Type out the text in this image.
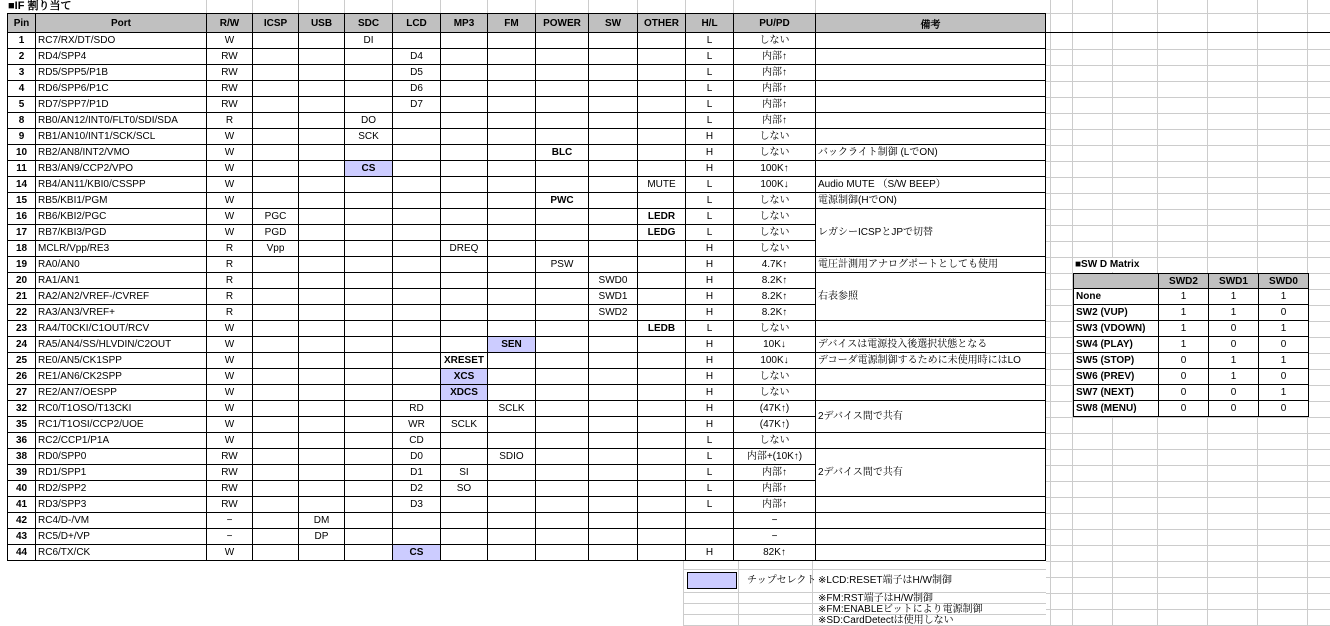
■IF 割り当て
Pin	Port	R/W	ICSP	USB	SDC	LCD	MP3	FM	POWER	SW	OTHER	H/L	PU/PD	備考
1	RC7/RX/DT/SDO	W			DI							L	しない	
2	RD4/SPP4	RW				D4						L	内部↑	
3	RD5/SPP5/P1B	RW				D5						L	内部↑	
4	RD6/SPP6/P1C	RW				D6						L	内部↑	
5	RD7/SPP7/P1D	RW				D7						L	内部↑	
8	RB0/AN12/INT0/FLT0/SDI/SDA	R			DO							L	内部↑	
9	RB1/AN10/INT1/SCK/SCL	W			SCK							H	しない	
10	RB2/AN8/INT2/VMO	W							BLC			H	しない	バックライト制御 (LでON)
11	RB3/AN9/CCP2/VPO	W			CS							H	100K↑	
14	RB4/AN11/KBI0/CSSPP	W									MUTE	L	100K↓	Audio MUTE （S/W BEEP）
15	RB5/KBI1/PGM	W							PWC			L	しない	電源制御(HでON)
16	RB6/KBI2/PGC	W	PGC								LEDR	L	しない	レガシーICSPとJPで切替
17	RB7/KBI3/PGD	W	PGD								LEDG	L	しない	
18	MCLR/Vpp/RE3	R	Vpp				DREQ					H	しない	
19	RA0/AN0	R							PSW			H	4.7K↑	電圧計測用アナログポートとしても使用
20	RA1/AN1	R								SWD0		H	8.2K↑	右表参照
21	RA2/AN2/VREF-/CVREF	R								SWD1		H	8.2K↑	
22	RA3/AN3/VREF+	R								SWD2		H	8.2K↑	
23	RA4/T0CKI/C1OUT/RCV	W									LEDB	L	しない	
24	RA5/AN4/SS/HLVDIN/C2OUT	W						SEN				H	10K↓	デバイスは電源投入後選択状態となる
25	RE0/AN5/CK1SPP	W					XRESET					H	100K↓	デコーダ電源制御するために未使用時にはLO
26	RE1/AN6/CK2SPP	W					XCS					H	しない	
27	RE2/AN7/OESPP	W					XDCS					H	しない	
32	RC0/T1OSO/T13CKI	W				RD		SCLK				H	(47K↑)	2デバイス間で共有
35	RC1/T1OSI/CCP2/UOE	W				WR	SCLK					H	(47K↑)	
36	RC2/CCP1/P1A	W				CD						L	しない	
38	RD0/SPP0	RW				D0		SDIO				L	内部+(10K↑)	2デバイス間で共有
39	RD1/SPP1	RW				D1	SI					L	内部↑	
40	RD2/SPP2	RW				D2	SO					L	内部↑	
41	RD3/SPP3	RW				D3						L	内部↑	
42	RC4/D-/VM	−		DM									−	
43	RC5/D+/VP	−		DP									−	
44	RC6/TX/CK	W				CS						H	82K↑	
■SW D Matrix
	SWD2	SWD1	SWD0
None	1	1	1
SW2 (VUP)	1	1	0
SW3 (VDOWN)	1	0	1
SW4 (PLAY)	1	0	0
SW5 (STOP)	0	1	1
SW6 (PREV)	0	1	0
SW7 (NEXT)	0	0	1
SW8 (MENU)	0	0	0
チップセレクト ※LCD:RESET端子はH/W制御
※FM:RST端子はH/W制御
※FM:ENABLEビットにより電源制御
※SD:CardDetectは使用しない
